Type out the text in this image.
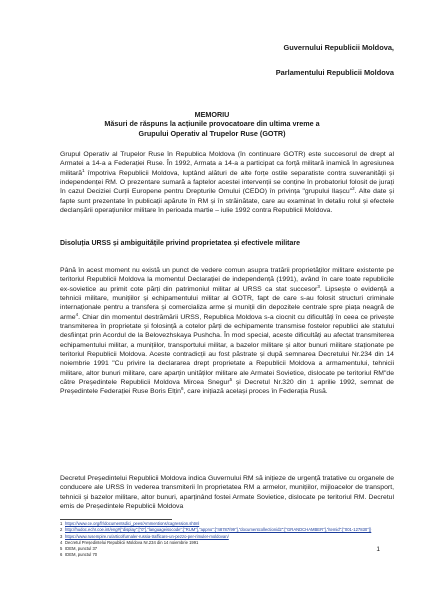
Guvernului Republicii Moldova,
Parlamentului Republicii Moldova
MEMORIU
Măsuri de răspuns la acțiunile provocatoare din ultima vreme a
Grupului Operativ al Trupelor Ruse (GOTR)

Grupul Operativ al Trupelor Ruse în Republica Moldova (în continuare GOTR) este succesorul de drept al Armatei a 14-a a Federației Ruse. În 1992, Armata a 14-a a participat ca forță militară inamică în agresiunea militară$^1$ împotriva Republicii Moldova, luptând alături de alte forțe ostile separatiste contra suveranității și independenței RM. O prezentare sumară a faptelor acestei intervenții se conține în probatoriul folosit de jurați în cazul Deciziei Curții Europene pentru Drepturile Omului (CEDO) în privința "grupului Ilașcu"$^2$. Alte date și fapte sunt prezentate în publicații apărute în RM și în străinătate, care au examinat în detaliu rolul și efectele declanșării operațiunilor militare în perioada martie – iulie 1992 contra Republicii Moldova.

Disoluția URSS și ambiguitățile privind proprietatea și efectivele militare

Până în acest moment nu există un punct de vedere comun asupra tratării proprietăților militare existente pe teritoriul Republicii Moldova la momentul Declarației de independență (1991), având în care toate republicile ex-sovietice au primit cote părți din patrimoniul militar al URSS ca stat succesor$^3$. Lipsește o evidență a tehnicii militare, munițiilor și echipamentului militar al GOTR, fapt de care s-au folosit structuri criminale internaționale pentru a transfera și comercializa arme și muniții din depozitele centrale spre piața neagră de arme$^4$. Chiar din momentul destrămării URSS, Republica Moldova s-a ciocnit cu dificultăți în ceea ce privește transmiterea în proprietate și folosință a cotelor părți de echipamente transmise fostelor republici ale statului desființat prin Acordul de la Belovezhskaya Pushcha. În mod special, aceste dificultăți au afectat transmiterea echipamentului militar, a munițiilor, transportului militar, a bazelor militare și altor bunuri militare staționate pe teritoriul Republicii Moldova. Aceste contradicții au fost păstrate și după semnarea Decretului Nr.234 din 14 noiembrie 1991 "Cu privire la declararea drept proprietate a Republicii Moldova a armamentului, tehnicii militare, altor bunuri militare, care aparțin unităților militare ale Armatei Sovietice, dislocate pe teritoriul RM"de către Președintele Republicii Moldova Mircea Snegur$^5$ și Decretul Nr.320 din 1 aprilie 1992, semnat de Președintele Federației Ruse Boris Elțin$^6$, care inițiază același proces în Federația Rusă.

Decretul Președintelui Republicii Moldova indica Guvernului RM să inițieze de urgență tratative cu organele de conducere ale URSS în vederea transmiterii în proprietatea RM a armelor, munițiilor, mijloacelor de transport, tehnicii și bazelor militare, altor bunuri, aparținând fostei Armate Sovietice, dislocate pe teritoriul RM. Decretul emis de Președintele Republicii Moldova

1 https://www.ce.org/fr/documentsdici_pees/Ammentions/cagression.shtml

2 http://hudoc.echr.coe.int/eng#{"display":["0"],"languageisocode":["RUM"],"appno":["48787/99"],"documentcollectionid2":["GRANDCHAMBER"],"itemid":["001-127830"]}

3 https://www.rusempire.ru/articolfurnaler-russia-trafficare-un-pezzo-per-rimuler-moldovan/

4 Decretul Președintelui Republicii Moldova Nr.234 din 14 noiembrie 1991

5 IDEM, punctul 37

6 IDEM, punctul 70

1
